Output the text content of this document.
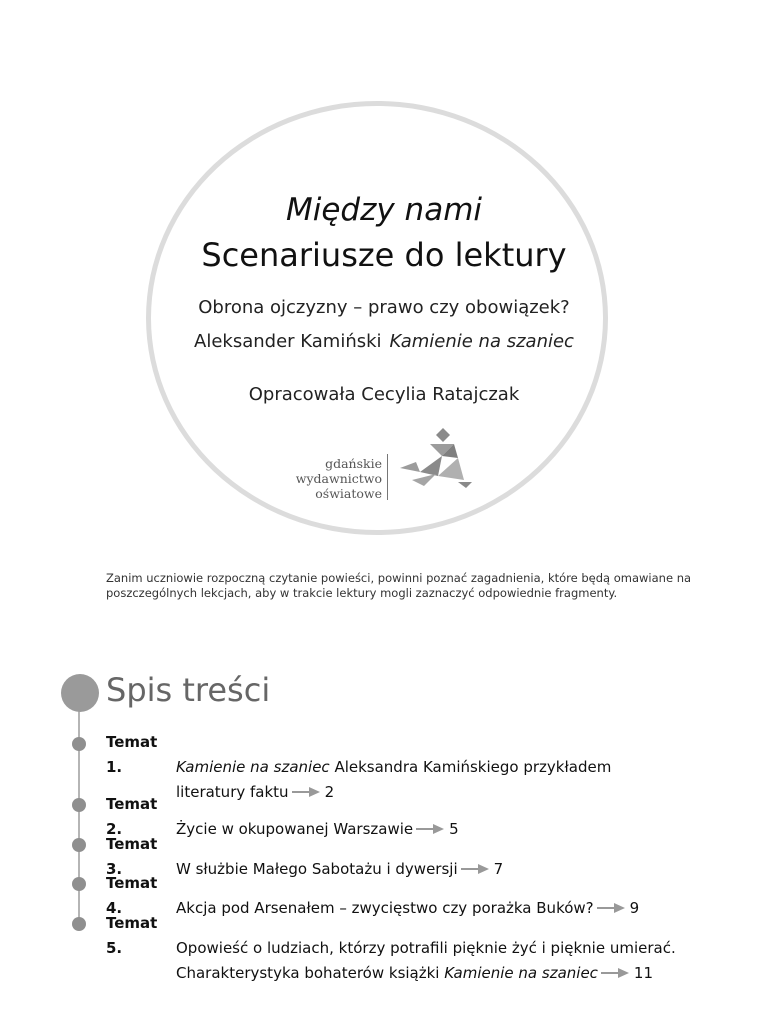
Między nami
Scenariusze do lektury
Obrona ojczyzny – prawo czy obowiązek?
Aleksander Kamiński Kamienie na szaniec
Opracowała Cecylia Ratajczak
gdańskie
wydawnictwo
oświatowe
Zanim uczniowie rozpoczną czytanie powieści, powinni poznać zagadnienia, które będą omawiane na poszczególnych lekcjach, aby w trakcie lektury mogli zaznaczyć odpowiednie fragmenty.
Spis treści
Temat 1.	Kamienie na szaniec Aleksandra Kamińskiego przykładem
literatury faktu 2
Temat 2.	Życie w okupowanej Warszawie 5
Temat 3.	W służbie Małego Sabotażu i dywersji 7
Temat 4.	Akcja pod Arsenałem – zwycięstwo czy porażka Buków? 9
Temat 5.	Opowieść o ludziach, którzy potrafili pięknie żyć i pięknie umierać.
Charakterystyka bohaterów książki Kamienie na szaniec 11
